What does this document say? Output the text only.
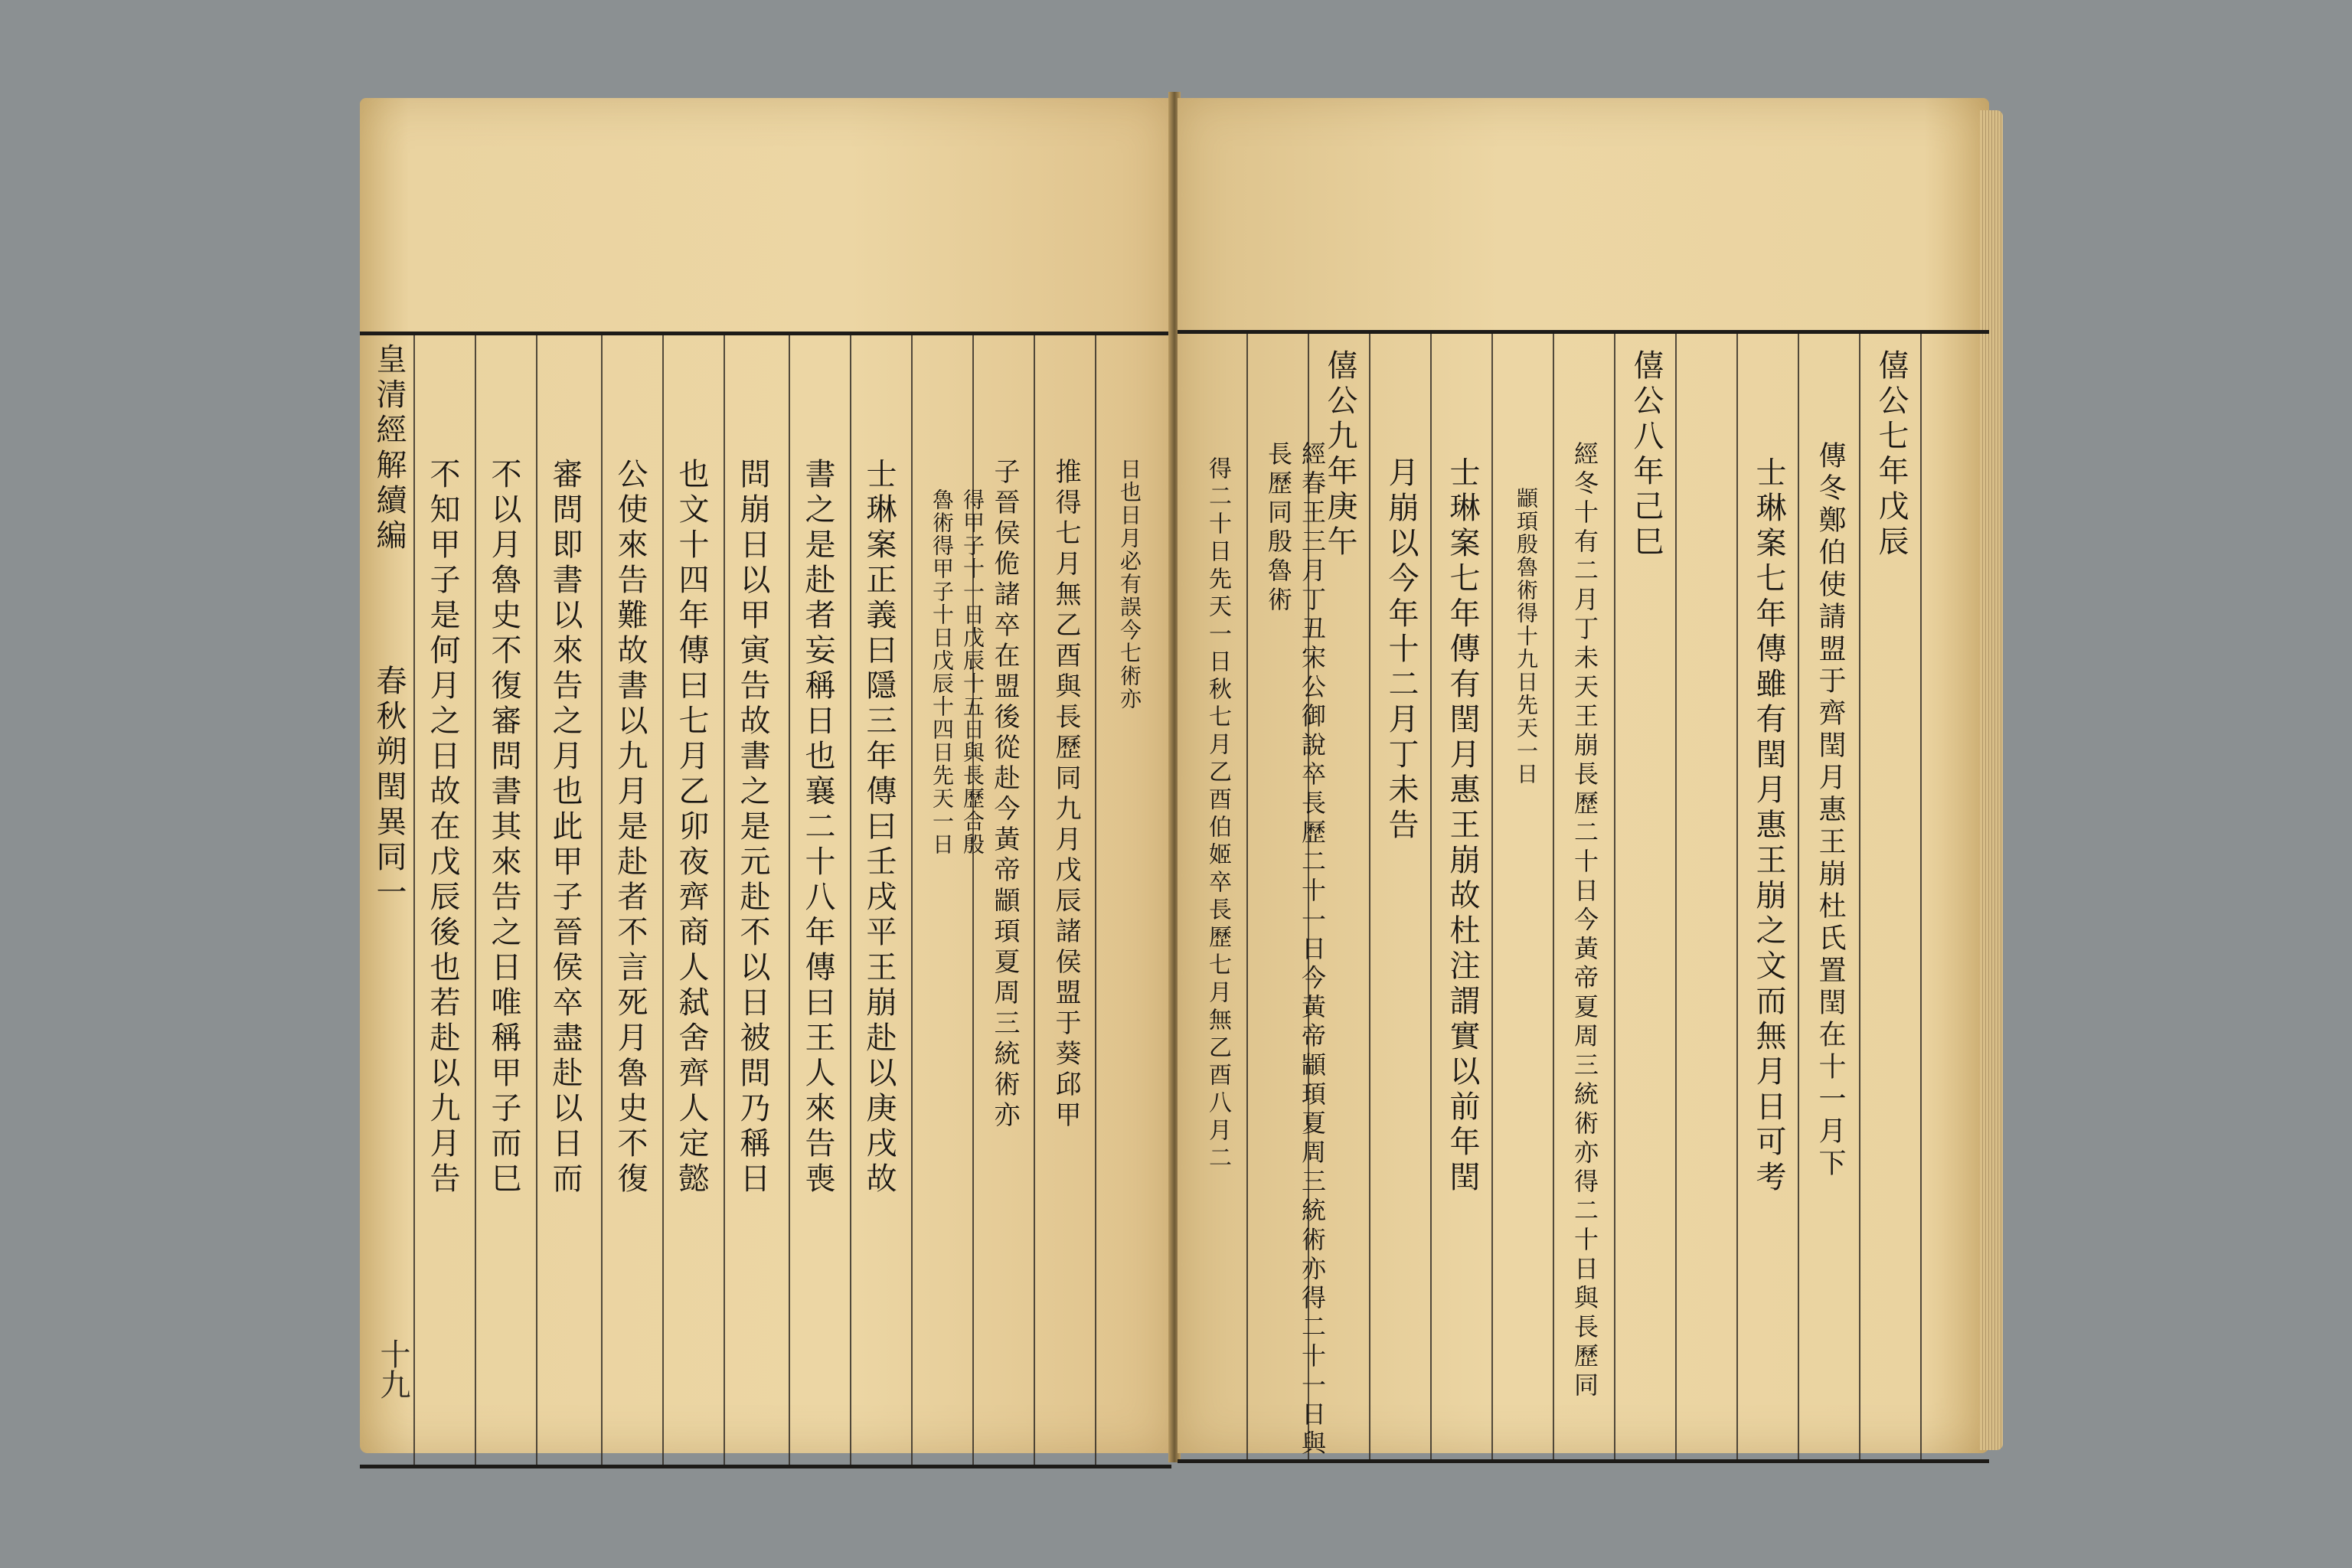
皇清經解續編  春秋朔閏異同一 不知甲子是何月之日故在戊辰後也若赴以九月告 不以月魯史不復審問書其來告之日唯稱甲子而巳 審問即書以來告之月也此甲子晉侯卒盡赴以日而 公使來告難故書以九月是赴者不言死月魯史不復 也文十四年傳曰七月乙卯夜齊商人弑舍齊人定懿 問崩日以甲寅告故書之是元赴不以日被問乃稱日 書之是赴者妄稱日也襄二十八年傳曰王人來告喪 士琳案正義曰隱三年傳曰壬戌平王崩赴以庚戌故 魯術得甲子十日戊辰十四日先天一日 得甲子十一日戊辰十五日與長歷合殷 子晉侯佹諸卒在盟後從赴今黃帝顓頊夏周三統術亦 推得七月無乙酉與長歷同九月戊辰諸侯盟于葵邱甲 日也日月必有誤今七術亦
十九
得二十日先天一日秋七月乙酉伯姬卒長歷七月無乙酉八月二	經春王三月丁丑宋公御說卒長歷二十一日今黃帝顓頊夏周三統術亦得二十一日與長歷同殷魯術 僖公九年庚午
月崩以今年十二月丁未告 士琳案七年傳有閏月惠王崩故杜注謂實以前年閏 顓頊殷魯術得十九日先天一日 經冬十有二月丁未天王崩長歷二十日今黃帝夏周三統術亦得二十日與長歷同 僖公八年己巳
士琳案七年傳雖有閏月惠王崩之文而無月日可考 傳冬鄭伯使請盟于齊閏月惠王崩杜氏置閏在十一月下 僖公七年戊辰
